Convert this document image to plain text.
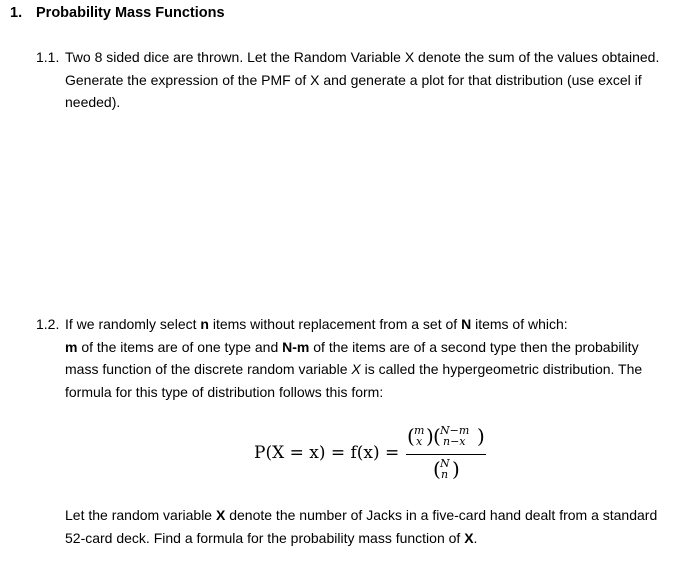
1. Probability Mass Functions
1.1. Two 8 sided dice are thrown. Let the Random Variable X denote the sum of the values obtained. Generate the expression of the PMF of X and generate a plot for that distribution (use excel if needed).
1.2. If we randomly select n items without replacement from a set of N items of which:
m of the items are of one type and N-m of the items are of a second type then the probability mass function of the discrete random variable X is called the hypergeometric distribution. The formula for this type of distribution follows this form:
P(X = x) = f(x) =
( m
x ) ( N−m
n−x )
( N
n )
Let the random variable X denote the number of Jacks in a five-card hand dealt from a standard 52-card deck. Find a formula for the probability mass function of X.
